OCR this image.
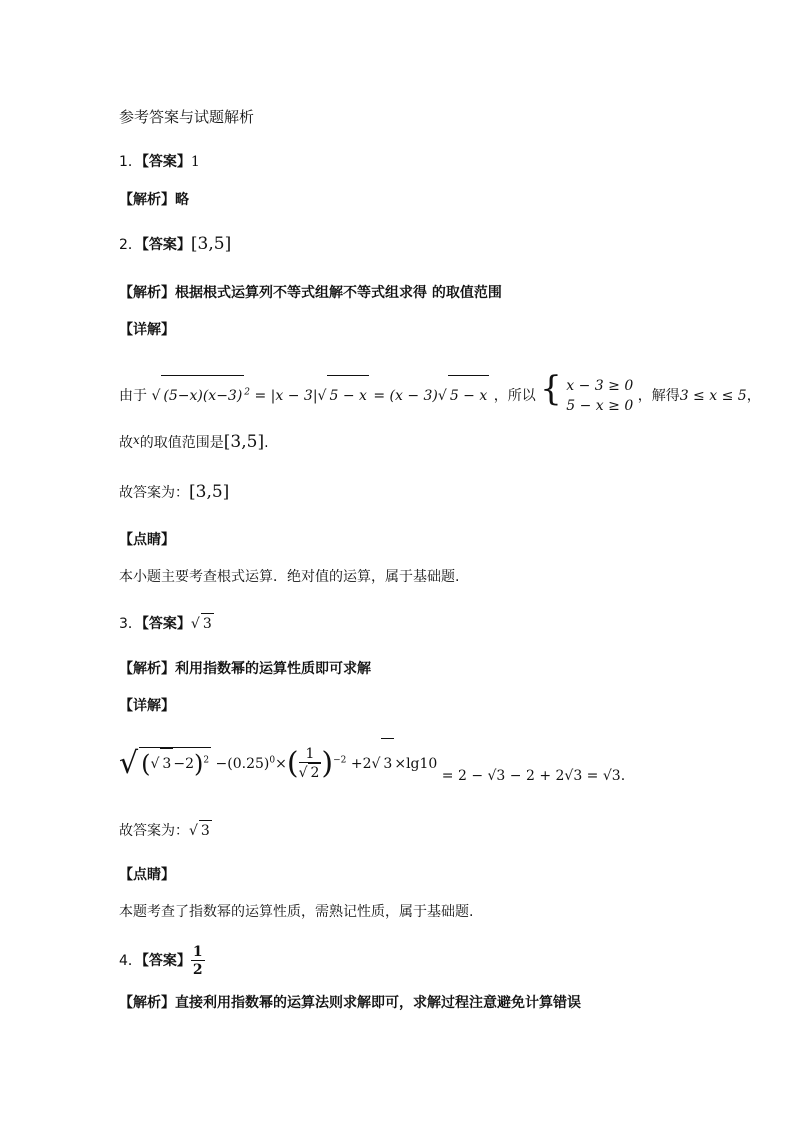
参考答案与试题解析
1．【答案】1
【解析】略
2．【答案】[3,5]
【解析】根据根式运算列不等式组解不等式组求得 的取值范围
【详解】
由于 √ (5−x)(x−3) $^2$ = |x − 3|√ 5 − x = (x − 3)√ 5 − x ，所以 { x − 3 ≥ 0
5 − x ≥ 0
，解得3 ≤ x ≤ 5，
故x的取值范围是[3,5].
故答案为：[3,5]
【点睛】
本小题主要考查根式运算．绝对值的运算，属于基础题.
3．【答案】√ 3
【解析】利用指数幂的运算性质即可求解
【详解】
√ (√ $3 -2)^2 -(0.25)^0\times( \frac{1}{√ 2} )^{-2} +2√$ 3 ×lg10 = 2 − √3 − 2 + 2√3 = √3.
故答案为：√ 3
【点睛】
本题考查了指数幂的运算性质，需熟记性质，属于基础题.
4．【答案】 $\frac{1}{2}$
【解析】直接利用指数幂的运算法则求解即可，求解过程注意避免计算错误
